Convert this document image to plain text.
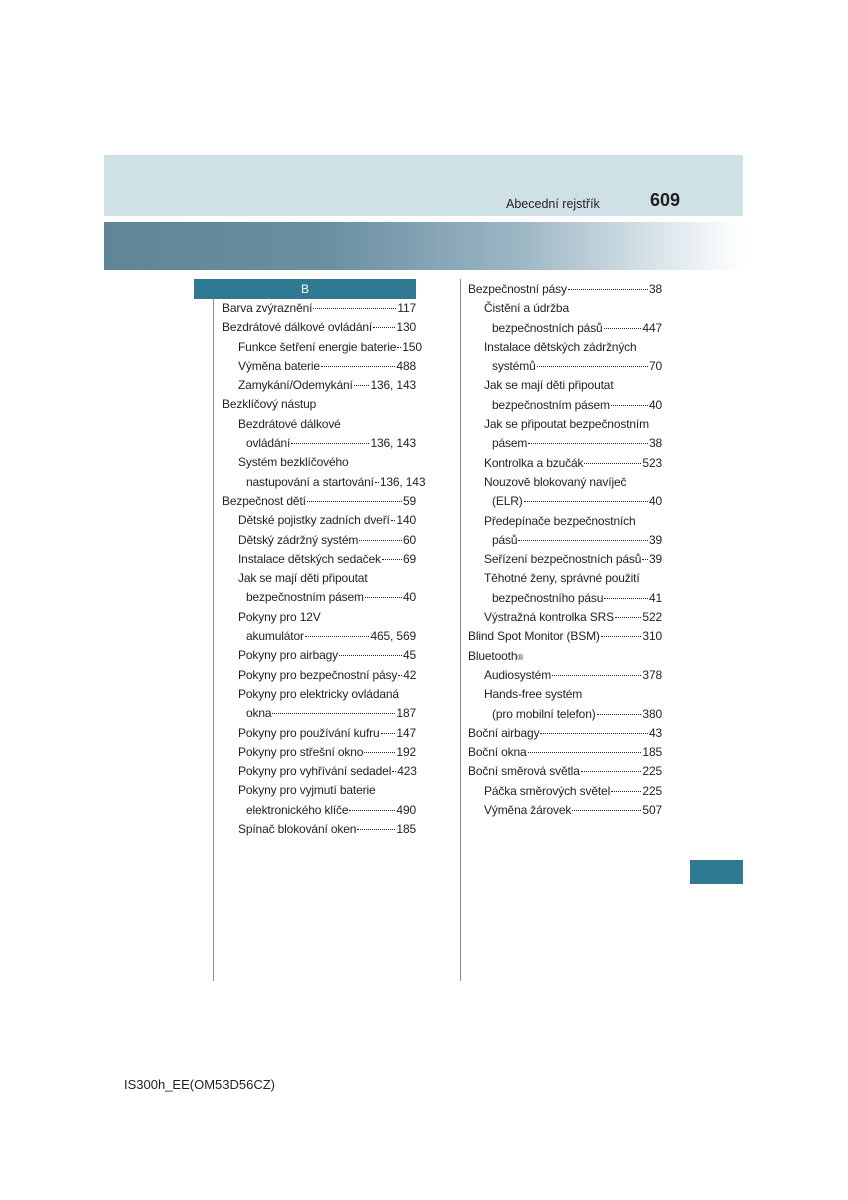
Abecední rejstřík	609
B
Barva zvýraznění	117
Bezdrátové dálkové ovládání 130
Funkce šetření energie baterie 150
Výměna baterie	488
Zamykání/Odemykání 136, 143
Bezklíčový nástup
Bezdrátové dálkové
ovládání	136, 143
Systém bezklíčového
nastupování a startování 136, 143
Bezpečnost dětí	59
Dětské pojistky zadních dveří 140
Dětský zádržný systém	60
Instalace dětských sedaček 69
Jak se mají děti připoutat
bezpečnostním pásem	40
Pokyny pro 12V
akumulátor	465, 569
Pokyny pro airbagy	45
Pokyny pro bezpečnostní pásy 42
Pokyny pro elektricky ovládaná
okna	187
Pokyny pro používání kufru 147
Pokyny pro střešní okno	192
Pokyny pro vyhřívání sedadel 423
Pokyny pro vyjmutí baterie
elektronického klíče	490
Spínač blokování oken	185
Bezpečnostní pásy	38
Čistění a údržba
bezpečnostních pásů	447
Instalace dětských zádržných
systémů	70
Jak se mají děti připoutat
bezpečnostním pásem	40
Jak se připoutat bezpečnostním
pásem	38
Kontrolka a bzučák	523
Nouzově blokovaný navíječ
(ELR)	40
Předepínače bezpečnostních
pásů	39
Seřízení bezpečnostních pásů 39
Těhotné ženy, správné použití
bezpečnostního pásu	41
Výstražná kontrolka SRS 522
Blind Spot Monitor (BSM)	310
Bluetooth ®
Audiosystém	378
Hands-free systém
(pro mobilní telefon)	380
Boční airbagy	43
Boční okna	185
Boční směrová světla	225
Páčka směrových světel	225
Výměna žárovek	507
IS300h_EE(OM53D56CZ)
